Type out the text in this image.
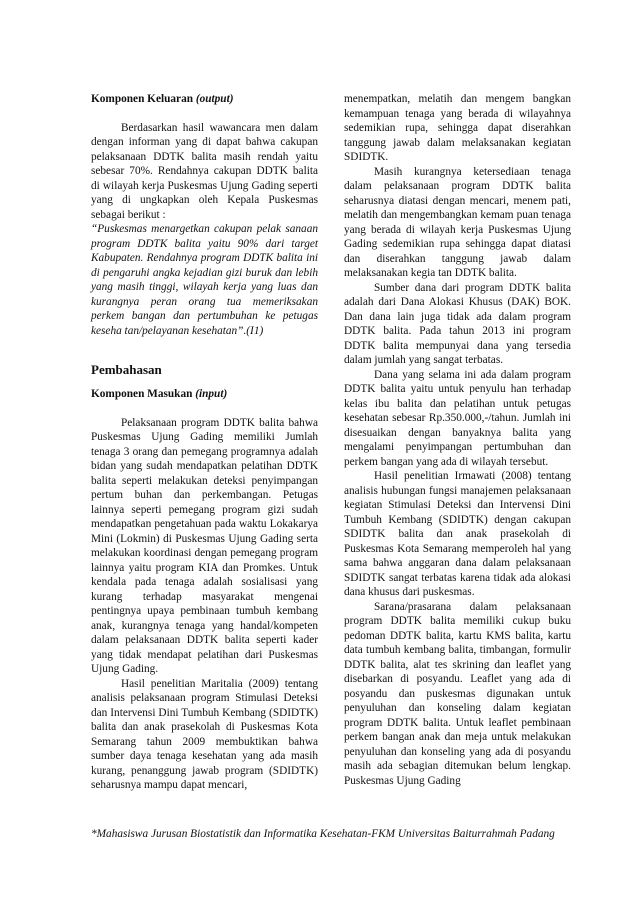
Komponen Keluaran (output)

Berdasarkan hasil wawancara men dalam dengan informan yang di dapat bahwa cakupan pelaksanaan DDTK balita masih rendah yaitu sebesar 70%. Rendahnya cakupan DDTK balita di wilayah kerja Puskesmas Ujung Gading seperti yang di ungkapkan oleh Kepala Puskesmas sebagai berikut :

“Puskesmas menargetkan cakupan pelak sanaan program DDTK balita yaitu 90% dari target Kabupaten. Rendahnya program DDTK balita ini di pengaruhi angka kejadian gizi buruk dan lebih yang masih tinggi, wilayah kerja yang luas dan kurangnya peran orang tua memeriksakan perkem bangan dan pertumbuhan ke petugas keseha tan/pelayanan kesehatan”.(I1)

Pembahasan

Komponen Masukan (input)

Pelaksanaan program DDTK balita bahwa Puskesmas Ujung Gading memiliki Jumlah tenaga 3 orang dan pemegang programnya adalah bidan yang sudah mendapatkan pelatihan DDTK balita seperti melakukan deteksi penyimpangan pertum buhan dan perkembangan. Petugas lainnya seperti pemegang program gizi sudah mendapatkan pengetahuan pada waktu Lokakarya Mini (Lokmin) di Puskesmas Ujung Gading serta melakukan koordinasi dengan pemegang program lainnya yaitu program KIA dan Promkes. Untuk kendala pada tenaga adalah sosialisasi yang kurang terhadap masyarakat mengenai pentingnya upaya pembinaan tumbuh kembang anak, kurangnya tenaga yang handal/kompeten dalam pelaksanaan DDTK balita seperti kader yang tidak mendapat pelatihan dari Puskesmas Ujung Gading.

Hasil penelitian Maritalia (2009) tentang analisis pelaksanaan program Stimulasi Deteksi dan Intervensi Dini Tumbuh Kembang (SDIDTK) balita dan anak prasekolah di Puskesmas Kota Semarang tahun 2009 membuktikan bahwa sumber daya tenaga kesehatan yang ada masih kurang, penanggung jawab program (SDIDTK) seharusnya mampu dapat mencari,

menempatkan, melatih dan mengem bangkan kemampuan tenaga yang berada di wilayahnya sedemikian rupa, sehingga dapat diserahkan tanggung jawab dalam melaksanakan kegiatan SDIDTK.

Masih kurangnya ketersediaan tenaga dalam pelaksanaan program DDTK balita seharusnya diatasi dengan mencari, menem pati, melatih dan mengembangkan kemam puan tenaga yang berada di wilayah kerja Puskesmas Ujung Gading sedemikian rupa sehingga dapat diatasi dan diserahkan tanggung jawab dalam melaksanakan kegia tan DDTK balita.

Sumber dana dari program DDTK balita adalah dari Dana Alokasi Khusus (DAK) BOK. Dan dana lain juga tidak ada dalam program DDTK balita. Pada tahun 2013 ini program DDTK balita mempunyai dana yang tersedia dalam jumlah yang sangat terbatas.

Dana yang selama ini ada dalam program DDTK balita yaitu untuk penyulu han terhadap kelas ibu balita dan pelatihan untuk petugas kesehatan sebesar Rp.350.000,-/tahun. Jumlah ini disesuaikan dengan banyaknya balita yang mengalami penyimpangan pertumbuhan dan perkem bangan yang ada di wilayah tersebut.

Hasil penelitian Irmawati (2008) tentang analisis hubungan fungsi manajemen pelaksanaan kegiatan Stimulasi Deteksi dan Intervensi Dini Tumbuh Kembang (SDIDTK) dengan cakupan SDIDTK balita dan anak prasekolah di Puskesmas Kota Semarang memperoleh hal yang sama bahwa anggaran dana dalam pelaksanaan SDIDTK sangat terbatas karena tidak ada alokasi dana khusus dari puskesmas.

Sarana/prasarana dalam pelaksanaan program DDTK balita memiliki cukup buku pedoman DDTK balita, kartu KMS balita, kartu data tumbuh kembang balita, timbangan, formulir DDTK balita, alat tes skrining dan leaflet yang disebarkan di posyandu. Leaflet yang ada di posyandu dan puskesmas digunakan untuk penyuluhan dan konseling dalam kegiatan program DDTK balita. Untuk leaflet pembinaan perkem bangan anak dan meja untuk melakukan penyuluhan dan konseling yang ada di posyandu masih ada sebagian ditemukan belum lengkap. Puskesmas Ujung Gading

*Mahasiswa Jurusan Biostatistik dan Informatika Kesehatan-FKM Universitas Baiturrahmah Padang
